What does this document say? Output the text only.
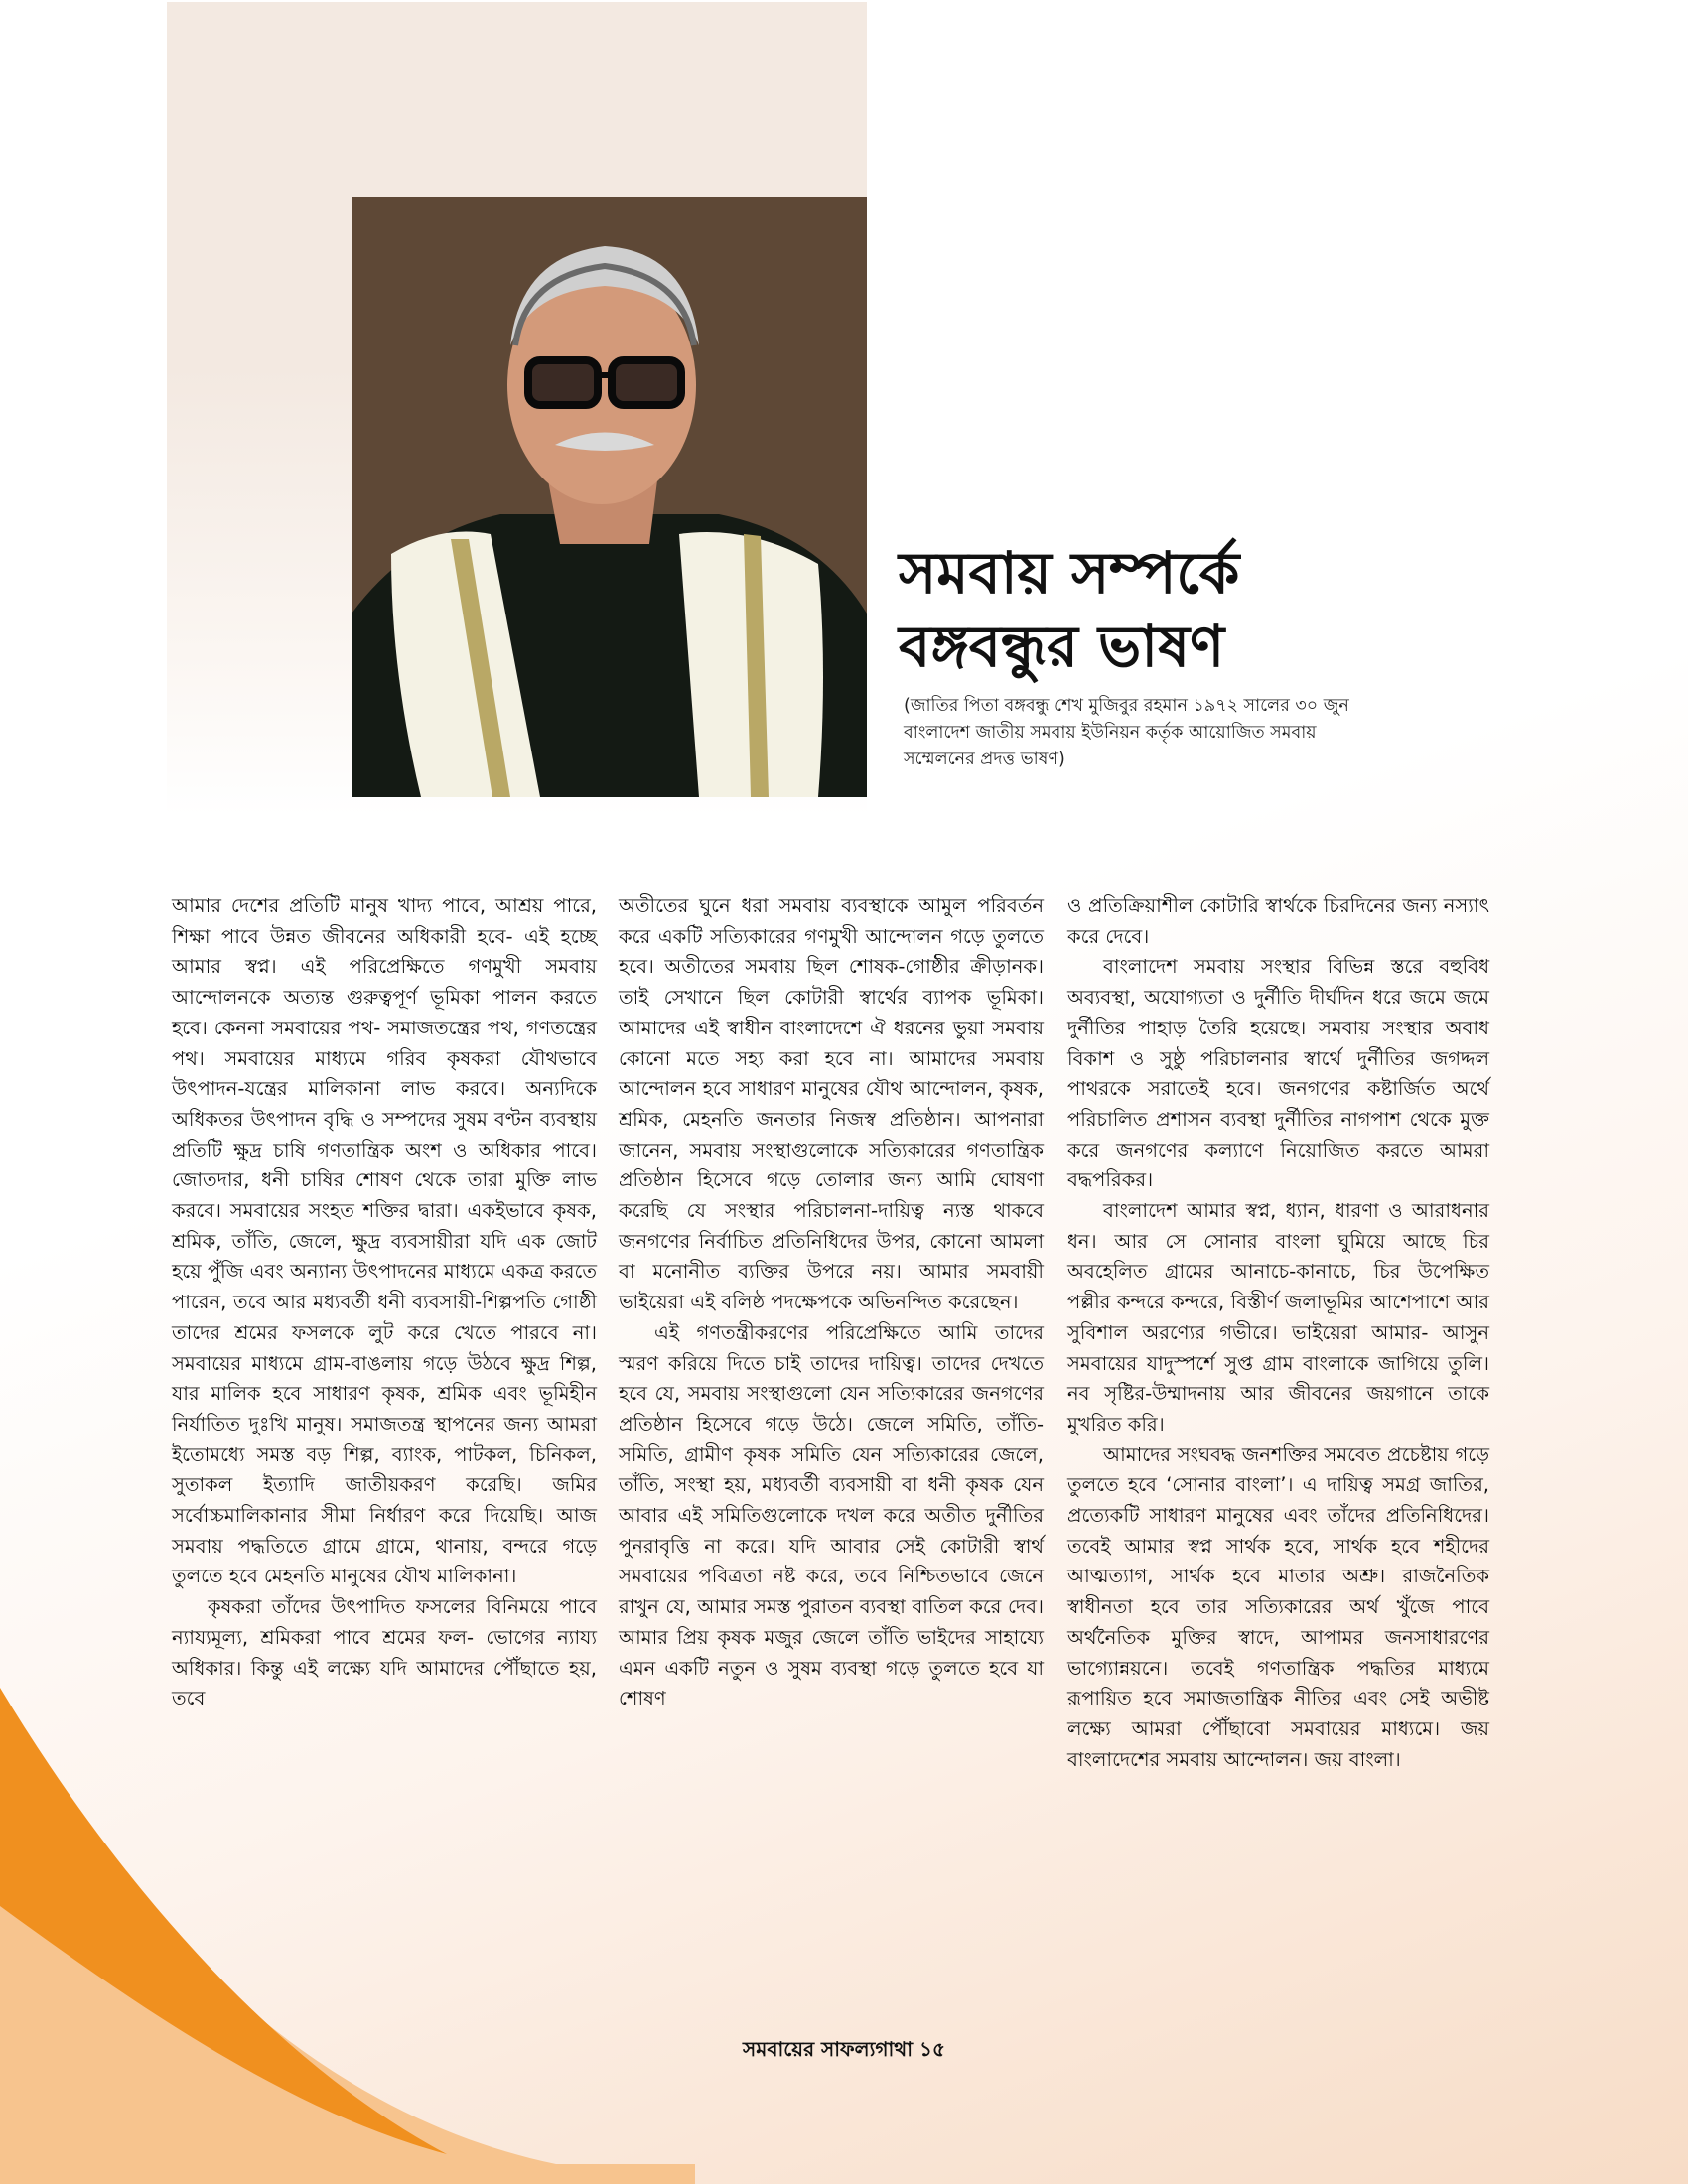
সমবায় সম্পর্কে
বঙ্গবন্ধুর ভাষণ
(জাতির পিতা বঙ্গবন্ধু শেখ মুজিবুর রহমান ১৯৭২ সালের ৩০ জুন বাংলাদেশ জাতীয় সমবায় ইউনিয়ন কর্তৃক আয়োজিত সমবায় সম্মেলনের প্রদত্ত ভাষণ)

আমার দেশের প্রতিটি মানুষ খাদ্য পাবে, আশ্রয় পারে, শিক্ষা পাবে উন্নত জীবনের অধিকারী হবে- এই হচ্ছে আমার স্বপ্ন। এই পরিপ্রেক্ষিতে গণমুখী সমবায় আন্দোলনকে অত্যন্ত গুরুত্বপূর্ণ ভূমিকা পালন করতে হবে। কেননা সমবায়ের পথ- সমাজতন্ত্রের পথ, গণতন্ত্রের পথ। সমবায়ের মাধ্যমে গরিব কৃষকরা যৌথভাবে উৎপাদন-যন্ত্রের মালিকানা লাভ করবে। অন্যদিকে অধিকতর উৎপাদন বৃদ্ধি ও সম্পদের সুষম বণ্টন ব্যবস্থায় প্রতিটি ক্ষুদ্র চাষি গণতান্ত্রিক অংশ ও অধিকার পাবে। জোতদার, ধনী চাষির শোষণ থেকে তারা মুক্তি লাভ করবে। সমবায়ের সংহত শক্তির দ্বারা। একইভাবে কৃষক, শ্রমিক, তাঁতি, জেলে, ক্ষুদ্র ব্যবসায়ীরা যদি এক জোট হয়ে পুঁজি এবং অন্যান্য উৎপাদনের মাধ্যমে একত্র করতে পারেন, তবে আর মধ্যবর্তী ধনী ব্যবসায়ী-শিল্পপতি গোষ্ঠী তাদের শ্রমের ফসলকে লুট করে খেতে পারবে না। সমবায়ের মাধ্যমে গ্রাম-বাঙলায় গড়ে উঠবে ক্ষুদ্র শিল্প, যার মালিক হবে সাধারণ কৃষক, শ্রমিক এবং ভূমিহীন নির্যাতিত দুঃখি মানুষ। সমাজতন্ত্র স্থাপনের জন্য আমরা ইতোমধ্যে সমস্ত বড় শিল্প, ব্যাংক, পাটকল, চিনিকল, সুতাকল ইত্যাদি জাতীয়করণ করেছি। জমির সর্বোচ্চমালিকানার সীমা নির্ধারণ করে দিয়েছি। আজ সমবায় পদ্ধতিতে গ্রামে গ্রামে, থানায়, বন্দরে গড়ে তুলতে হবে মেহনতি মানুষের যৌথ মালিকানা।

কৃষকরা তাঁদের উৎপাদিত ফসলের বিনিময়ে পাবে ন্যায্যমূল্য, শ্রমিকরা পাবে শ্রমের ফল- ভোগের ন্যায্য অধিকার। কিন্তু এই লক্ষ্যে যদি আমাদের পৌঁছাতে হয়, তবে

অতীতের ঘুনে ধরা সমবায় ব্যবস্থাকে আমুল পরিবর্তন করে একটি সত্যিকারের গণমুখী আন্দোলন গড়ে তুলতে হবে। অতীতের সমবায় ছিল শোষক-গোষ্ঠীর ক্রীড়ানক। তাই সেখানে ছিল কোটারী স্বার্থের ব্যাপক ভূমিকা। আমাদের এই স্বাধীন বাংলাদেশে ঐ ধরনের ভুয়া সমবায় কোনো মতে সহ্য করা হবে না। আমাদের সমবায় আন্দোলন হবে সাধারণ মানুষের যৌথ আন্দোলন, কৃষক, শ্রমিক, মেহনতি জনতার নিজস্ব প্রতিষ্ঠান। আপনারা জানেন, সমবায় সংস্থাগুলোকে সত্যিকারের গণতান্ত্রিক প্রতিষ্ঠান হিসেবে গড়ে তোলার জন্য আমি ঘোষণা করেছি যে সংস্থার পরিচালনা-দায়িত্ব ন্যস্ত থাকবে জনগণের নির্বাচিত প্রতিনিধিদের উপর, কোনো আমলা বা মনোনীত ব্যক্তির উপরে নয়। আমার সমবায়ী ভাইয়েরা এই বলিষ্ঠ পদক্ষেপকে অভিনন্দিত করেছেন।

এই গণতন্ত্রীকরণের পরিপ্রেক্ষিতে আমি তাদের স্মরণ করিয়ে দিতে চাই তাদের দায়িত্ব। তাদের দেখতে হবে যে, সমবায় সংস্থাগুলো যেন সত্যিকারের জনগণের প্রতিষ্ঠান হিসেবে গড়ে উঠে। জেলে সমিতি, তাঁতি-সমিতি, গ্রামীণ কৃষক সমিতি যেন সত্যিকারের জেলে, তাঁতি, সংস্থা হয়, মধ্যবর্তী ব্যবসায়ী বা ধনী কৃষক যেন আবার এই সমিতিগুলোকে দখল করে অতীত দুর্নীতির পুনরাবৃত্তি না করে। যদি আবার সেই কোটারী স্বার্থ সমবায়ের পবিত্রতা নষ্ট করে, তবে নিশ্চিতভাবে জেনে রাখুন যে, আমার সমস্ত পুরাতন ব্যবস্থা বাতিল করে দেব। আমার প্রিয় কৃষক মজুর জেলে তাঁতি ভাইদের সাহায্যে এমন একটি নতুন ও সুষম ব্যবস্থা গড়ে তুলতে হবে যা শোষণ

ও প্রতিক্রিয়াশীল কোটারি স্বার্থকে চিরদিনের জন্য নস্যাৎ করে দেবে।

বাংলাদেশ সমবায় সংস্থার বিভিন্ন স্তরে বহুবিধ অব্যবস্থা, অযোগ্যতা ও দুর্নীতি দীর্ঘদিন ধরে জমে জমে দুর্নীতির পাহাড় তৈরি হয়েছে। সমবায় সংস্থার অবাধ বিকাশ ও সুষ্ঠু পরিচালনার স্বার্থে দুর্নীতির জগদ্দল পাথরকে সরাতেই হবে। জনগণের কষ্টার্জিত অর্থে পরিচালিত প্রশাসন ব্যবস্থা দুর্নীতির নাগপাশ থেকে মুক্ত করে জনগণের কল্যাণে নিয়োজিত করতে আমরা বদ্ধপরিকর।

বাংলাদেশ আমার স্বপ্ন, ধ্যান, ধারণা ও আরাধনার ধন। আর সে সোনার বাংলা ঘুমিয়ে আছে চির অবহেলিত গ্রামের আনাচে-কানাচে, চির উপেক্ষিত পল্লীর কন্দরে কন্দরে, বিস্তীর্ণ জলাভূমির আশেপাশে আর সুবিশাল অরণ্যের গভীরে। ভাইয়েরা আমার- আসুন সমবায়ের যাদুস্পর্শে সুপ্ত গ্রাম বাংলাকে জাগিয়ে তুলি। নব সৃষ্টির-উম্মাদনায় আর জীবনের জয়গানে তাকে মুখরিত করি।

আমাদের সংঘবদ্ধ জনশক্তির সমবেত প্রচেষ্টায় গড়ে তুলতে হবে ‘সোনার বাংলা’। এ দায়িত্ব সমগ্র জাতির, প্রত্যেকটি সাধারণ মানুষের এবং তাঁদের প্রতিনিধিদের। তবেই আমার স্বপ্ন সার্থক হবে, সার্থক হবে শহীদের আত্মত্যাগ, সার্থক হবে মাতার অশ্রু। রাজনৈতিক স্বাধীনতা হবে তার সত্যিকারের অর্থ খুঁজে পাবে অর্থনৈতিক মুক্তির স্বাদে, আপামর জনসাধারণের ভাগ্যোন্নয়নে। তবেই গণতান্ত্রিক পদ্ধতির মাধ্যমে রূপায়িত হবে সমাজতান্ত্রিক নীতির এবং সেই অভীষ্ট লক্ষ্যে আমরা পৌঁছাবো সমবায়ের মাধ্যমে। জয় বাংলাদেশের সমবায় আন্দোলন। জয় বাংলা।

সমবায়ের সাফল্যগাথা ১৫
